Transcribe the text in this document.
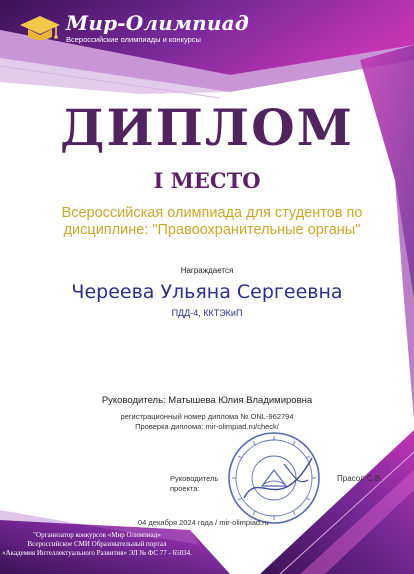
Мир-Олимпиад
Всероссийские олимпиады и конкурсы
ДИПЛОМ
I МЕСТО
Всероссийская олимпиада для студентов по
дисциплине: "Правоохранительные органы"
Награждается
Череева Ульяна Сергеевна
ПДД-4, ККТЭКиП
Руководитель: Матышева Юлия Владимировна
регистрационный номер диплома № ONL-962794
Проверка диплома: mir-olimpiad.ru/check/
Руководитель
проекта:
Прасол С.В.
04 декабря 2024 года / mir-olimpiad.ru
"Организатор конкурсов «Мир Олимпиад»
Всероссийское СМИ Образовательный портал
«Академия Интеллектуального Развития» ЭЛ № ФС 77 - 65034.
